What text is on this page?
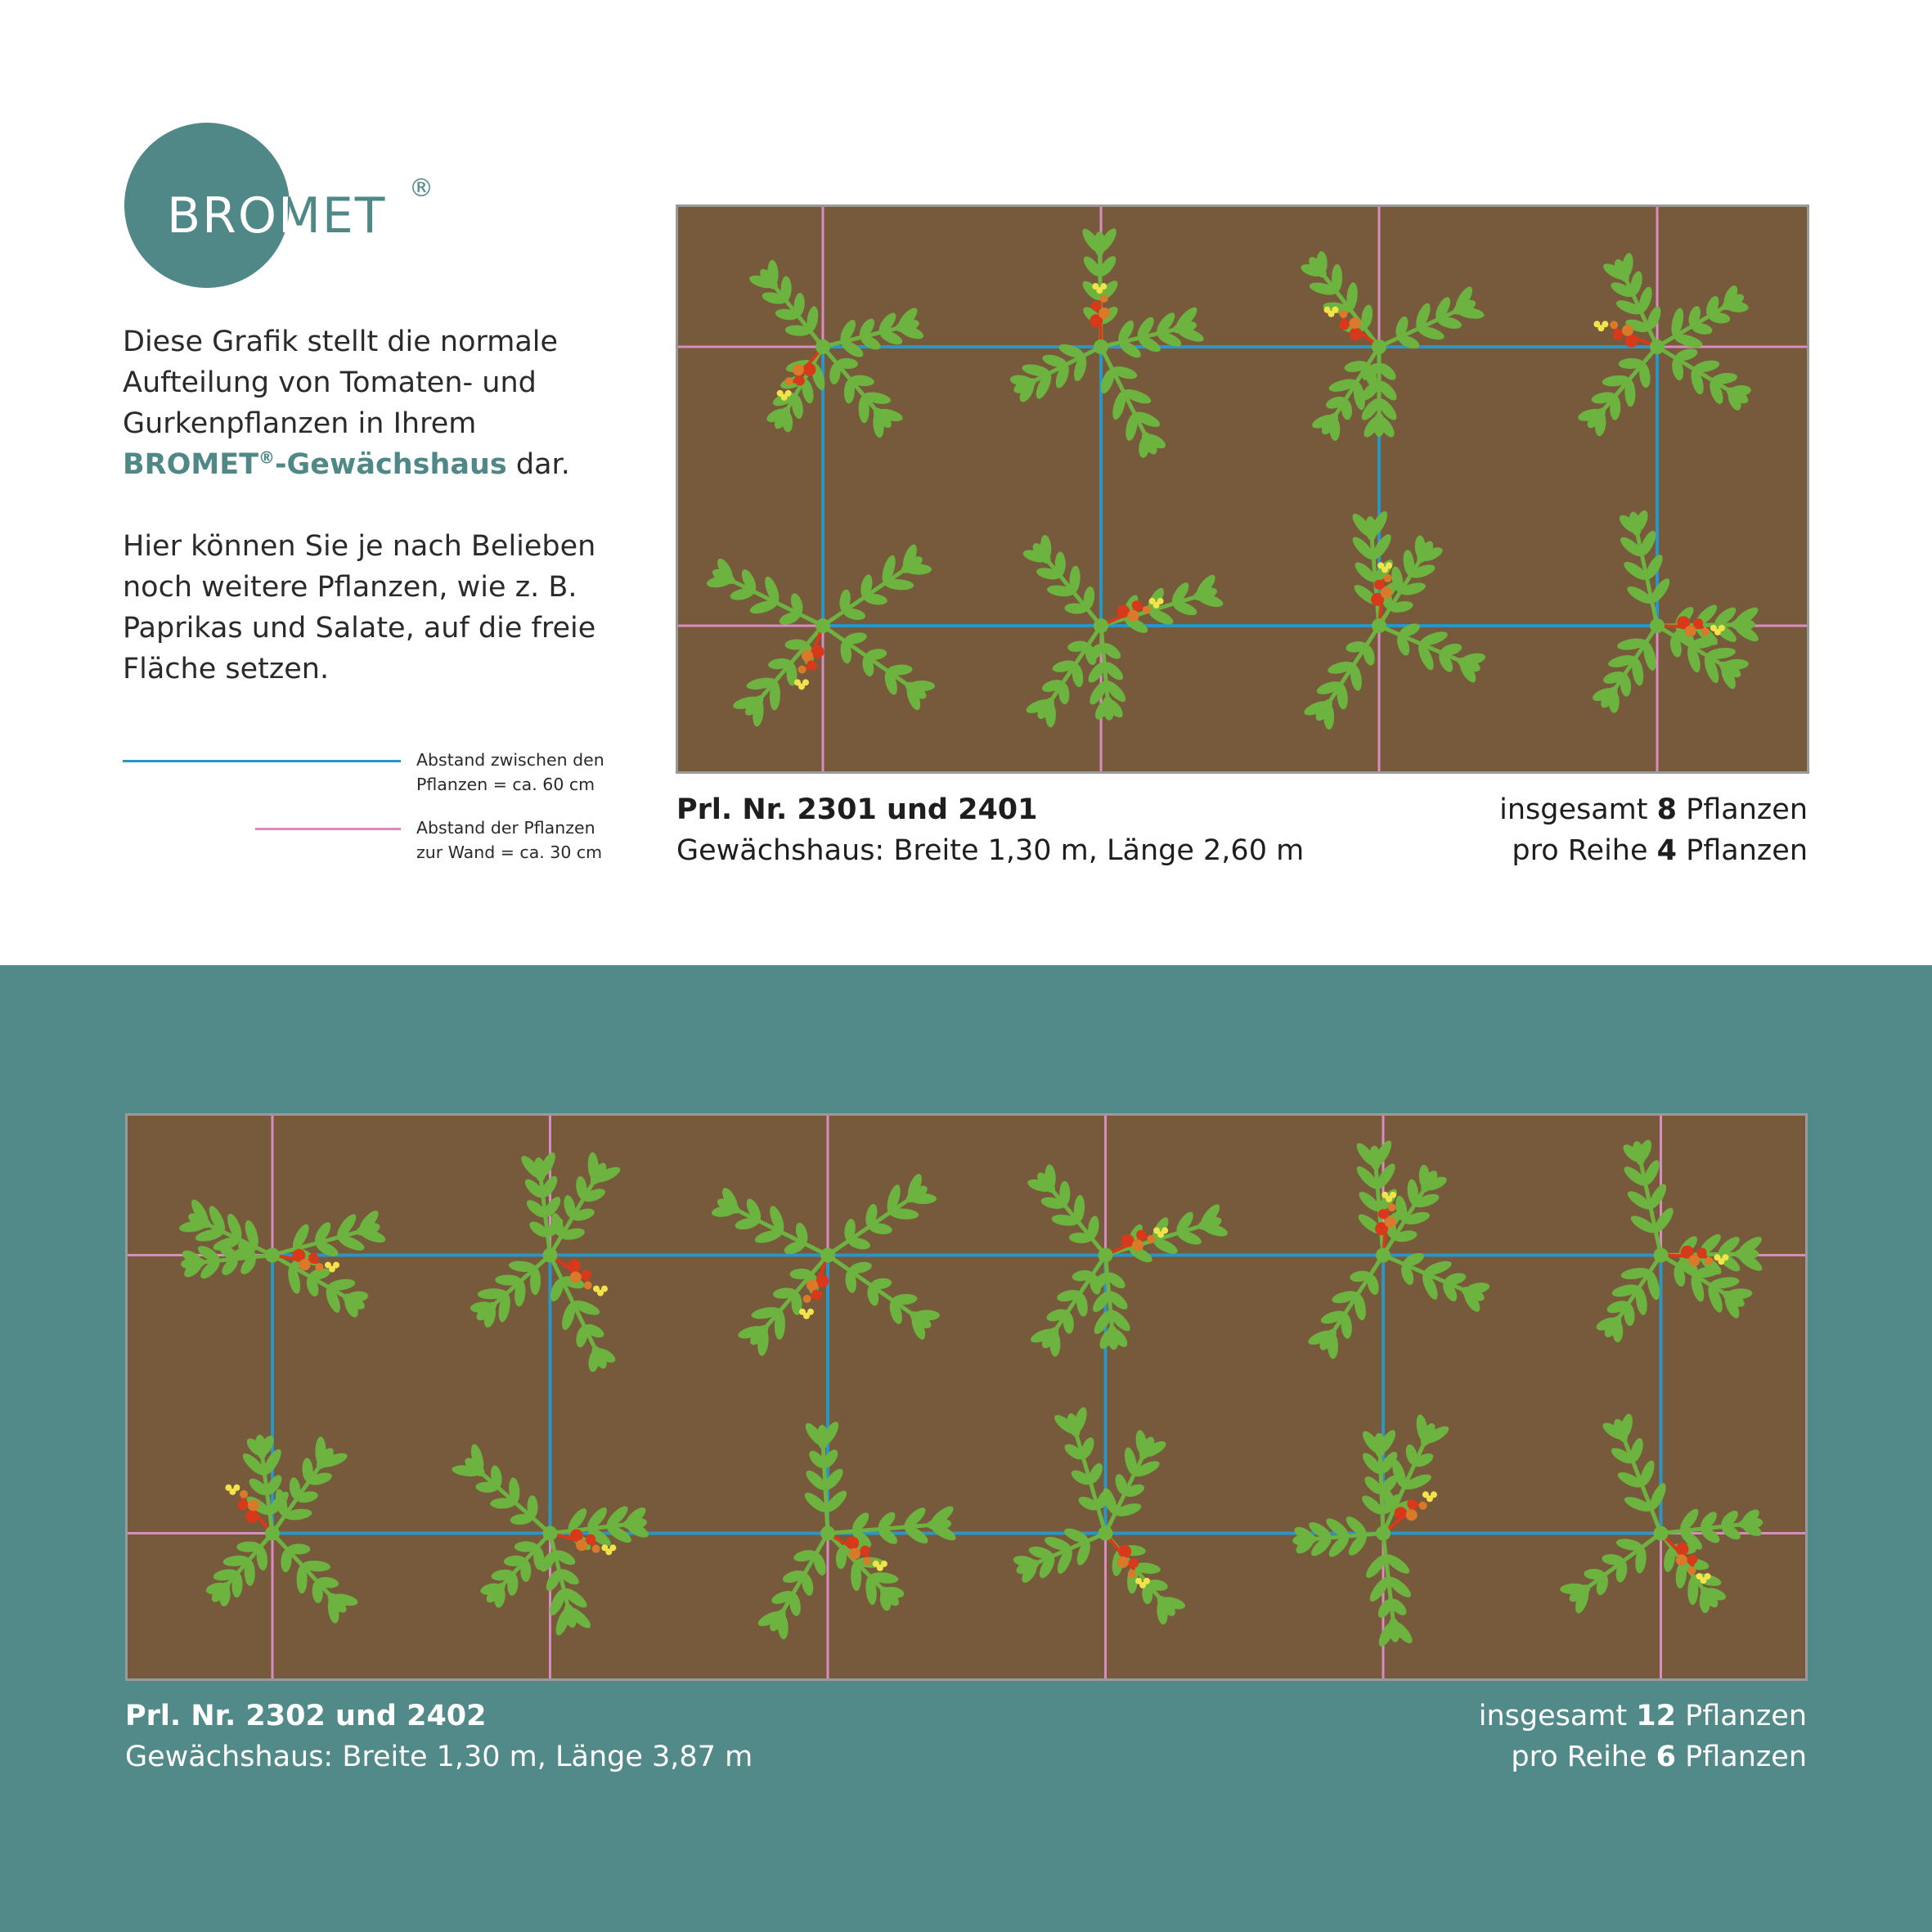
BROMET ®

Diese Grafik stellt die normale Aufteilung von Tomaten- und Gurkenpflanzen in Ihrem BROMET®-Gewächshaus dar.

Hier können Sie je nach Belieben noch weitere Pflanzen, wie z. B. Paprikas und Salate, auf die freie Fläche setzen.

Abstand zwischen den
Pflanzen = ca. 60 cm
Abstand der Pflanzen
zur Wand = ca. 30 cm
Prl. Nr. 2301 und 2401
Gewächshaus: Breite 1,30 m, Länge 2,60 m
insgesamt 8 Pflanzen
pro Reihe 4 Pflanzen
Prl. Nr. 2302 und 2402
Gewächshaus: Breite 1,30 m, Länge 3,87 m
insgesamt 12 Pflanzen
pro Reihe 6 Pflanzen
